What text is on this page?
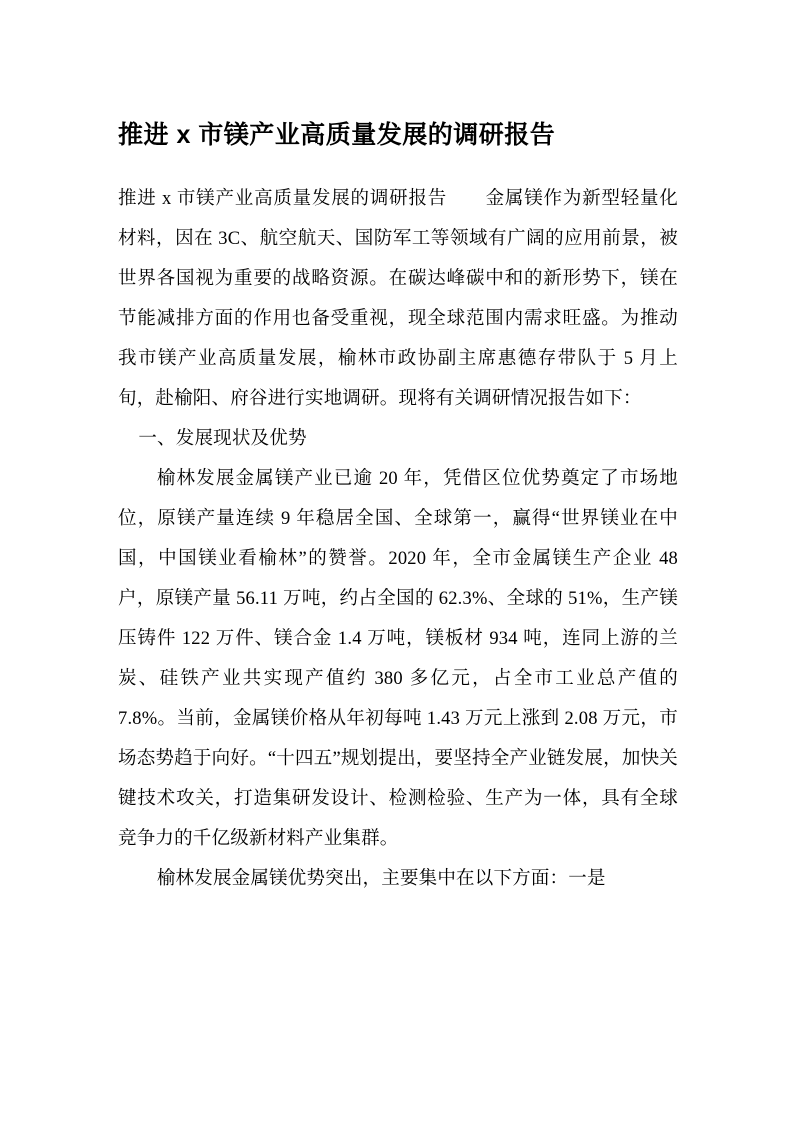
推进 x 市镁产业高质量发展的调研报告

推进 x 市镁产业高质量发展的调研报告　　金属镁作为新型轻量化材料，因在 3C、航空航天、国防军工等领域有广阔的应用前景，被世界各国视为重要的战略资源。在碳达峰碳中和的新形势下，镁在节能减排方面的作用也备受重视，现全球范围内需求旺盛。为推动我市镁产业高质量发展，榆林市政协副主席惠德存带队于 5 月上旬，赴榆阳、府谷进行实地调研。现将有关调研情况报告如下：

一、发展现状及优势

榆林发展金属镁产业已逾 20 年，凭借区位优势奠定了市场地位，原镁产量连续 9 年稳居全国、全球第一，赢得“世界镁业在中国，中国镁业看榆林”的赞誉。2020 年，全市金属镁生产企业 48 户，原镁产量 56.11 万吨，约占全国的 62.3%、全球的 51%，生产镁压铸件 122 万件、镁合金 1.4 万吨，镁板材 934 吨，连同上游的兰炭、硅铁产业共实现产值约 380 多亿元，占全市工业总产值的 7.8%。当前，金属镁价格从年初每吨 1.43 万元上涨到 2.08 万元，市场态势趋于向好。“十四五”规划提出，要坚持全产业链发展，加快关键技术攻关，打造集研发设计、检测检验、生产为一体，具有全球竞争力的千亿级新材料产业集群。

榆林发展金属镁优势突出，主要集中在以下方面：一是
